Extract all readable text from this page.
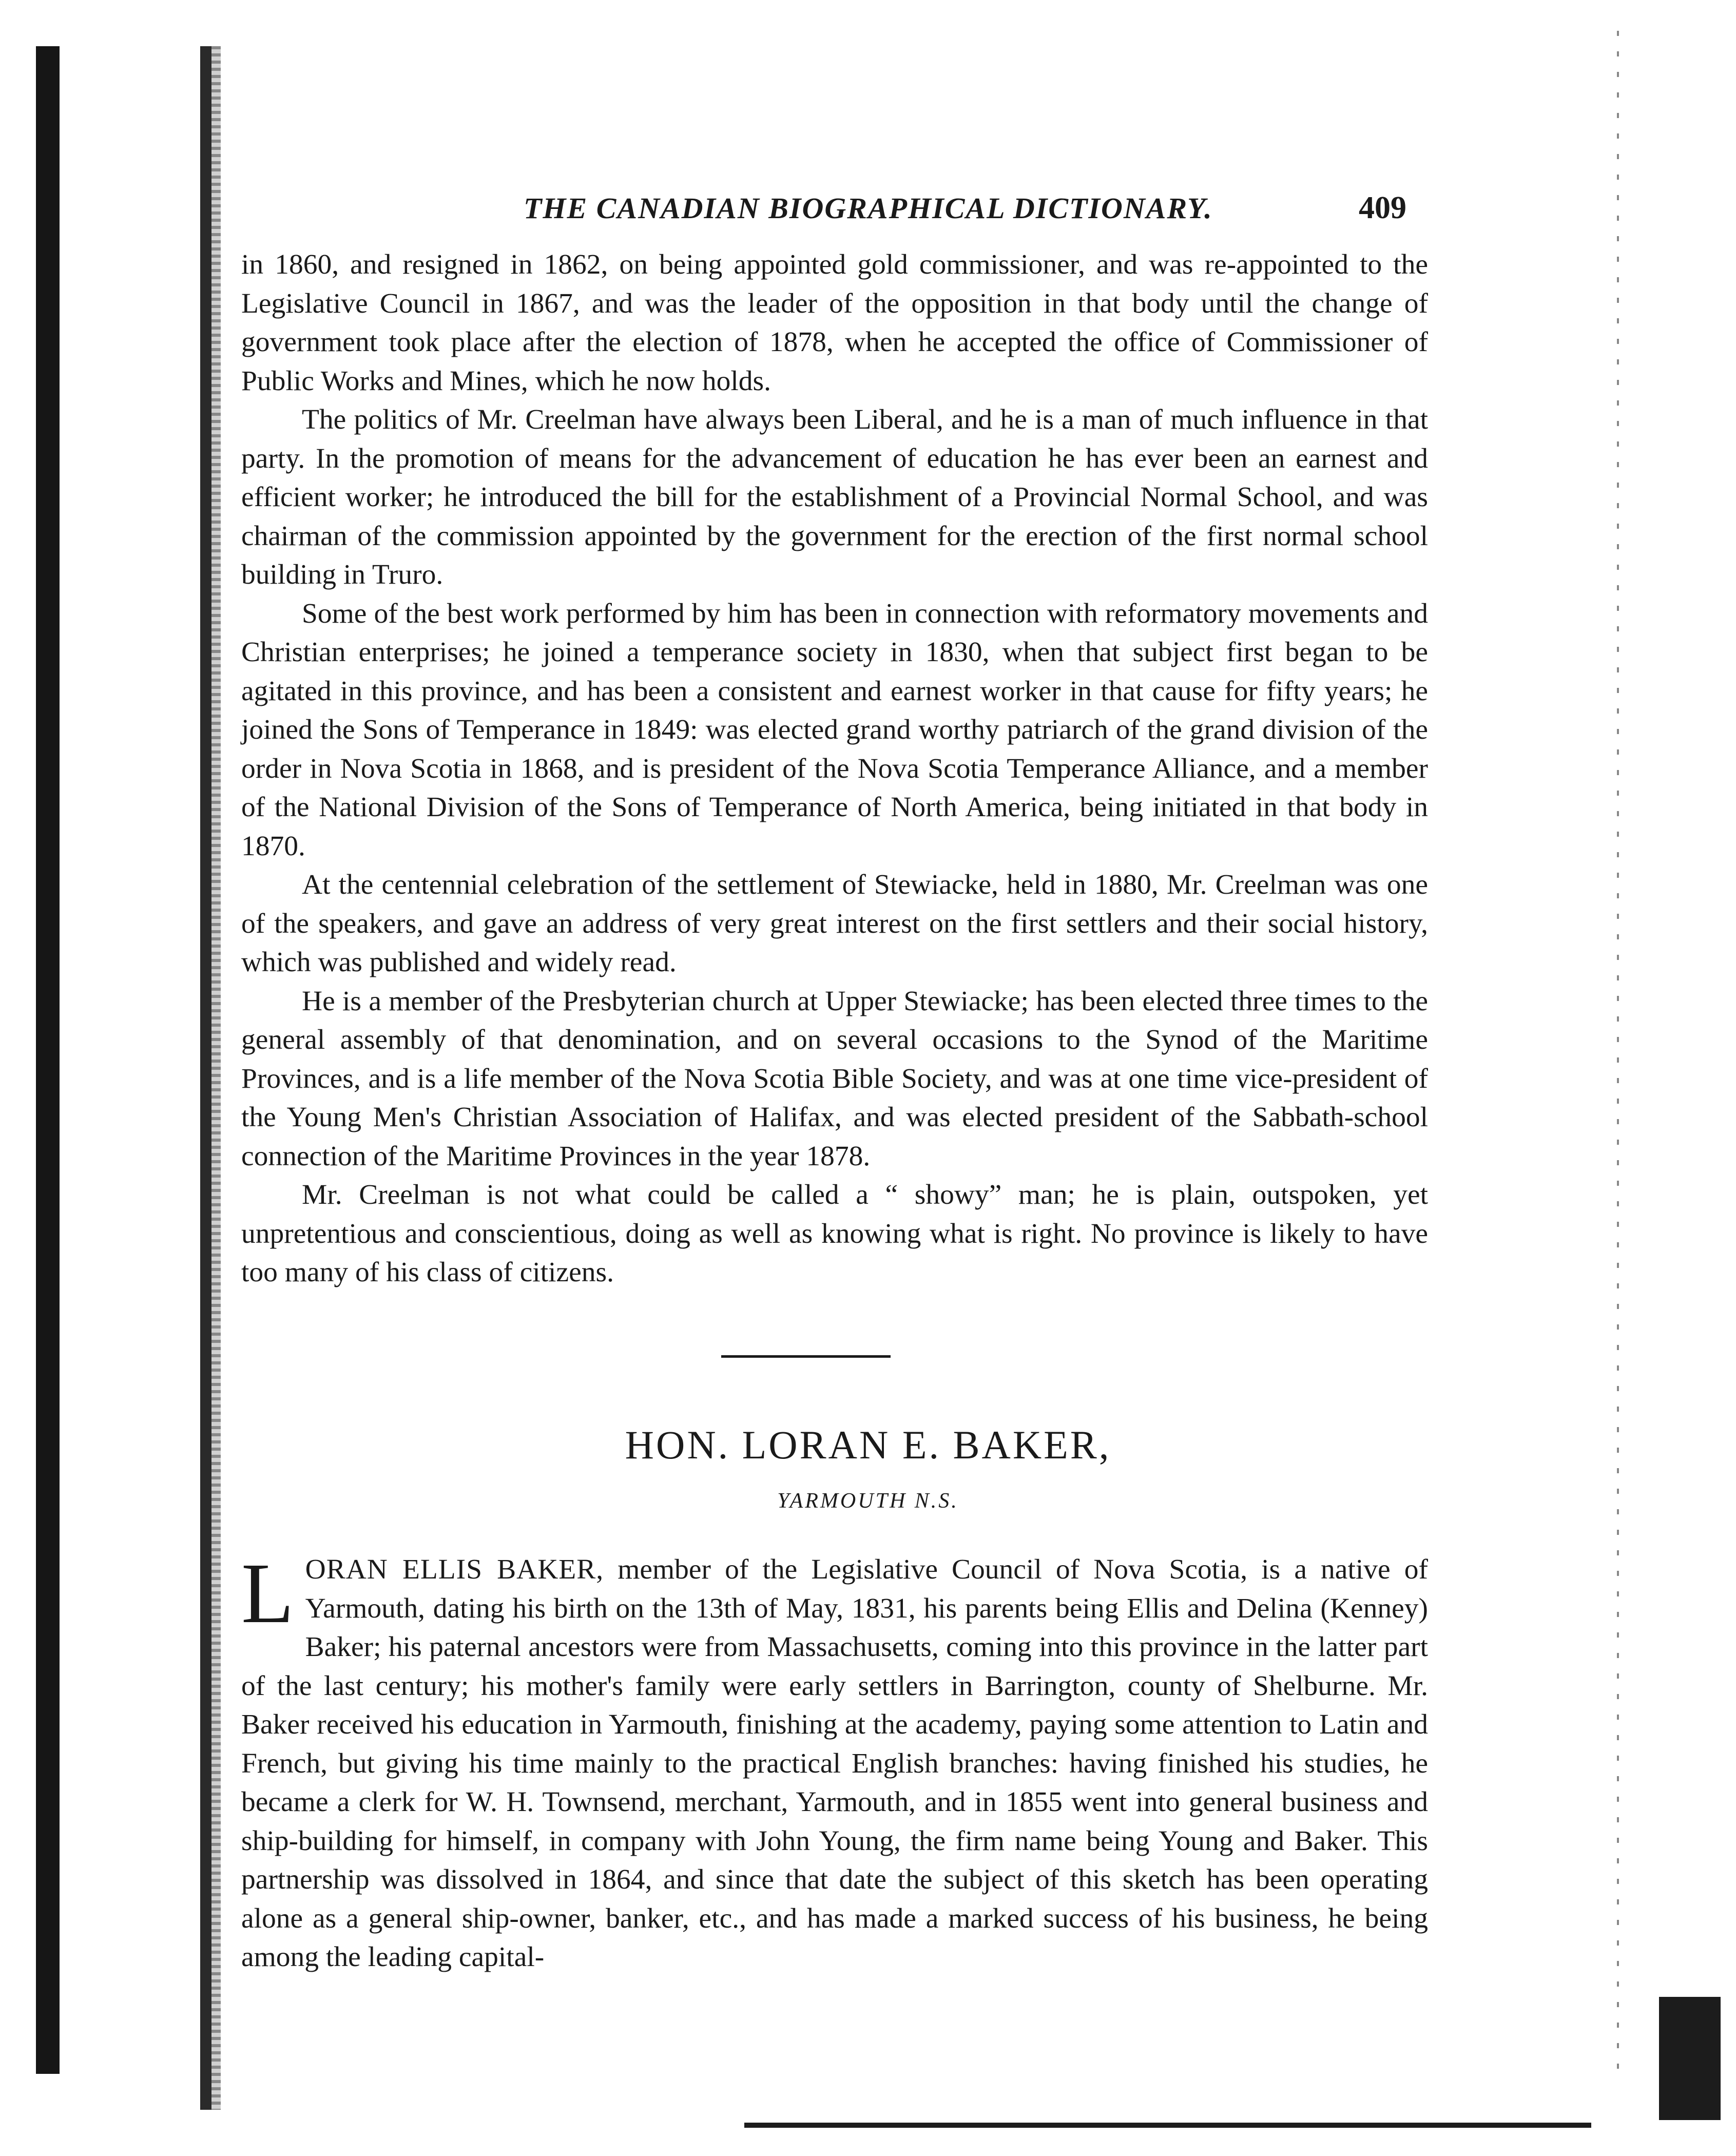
THE CANADIAN BIOGRAPHICAL DICTIONARY.	409

in 1860, and resigned in 1862, on being appointed gold commissioner, and was re-appointed to the Legislative Council in 1867, and was the leader of the opposition in that body until the change of government took place after the election of 1878, when he accepted the office of Commissioner of Public Works and Mines, which he now holds.

The politics of Mr. Creelman have always been Liberal, and he is a man of much influence in that party. In the promotion of means for the advancement of education he has ever been an earnest and efficient worker; he introduced the bill for the establishment of a Provincial Normal School, and was chairman of the commission appointed by the government for the erection of the first normal school building in Truro.

Some of the best work performed by him has been in connection with reformatory movements and Christian enterprises; he joined a temperance society in 1830, when that subject first began to be agitated in this province, and has been a consistent and earnest worker in that cause for fifty years; he joined the Sons of Temperance in 1849: was elected grand worthy patriarch of the grand division of the order in Nova Scotia in 1868, and is president of the Nova Scotia Temperance Alliance, and a member of the National Division of the Sons of Temperance of North America, being initiated in that body in 1870.

At the centennial celebration of the settlement of Stewiacke, held in 1880, Mr. Creelman was one of the speakers, and gave an address of very great interest on the first settlers and their social history, which was published and widely read.

He is a member of the Presbyterian church at Upper Stewiacke; has been elected three times to the general assembly of that denomination, and on several occasions to the Synod of the Maritime Provinces, and is a life member of the Nova Scotia Bible Society, and was at one time vice-president of the Young Men's Christian Association of Halifax, and was elected president of the Sabbath-school connection of the Maritime Provinces in the year 1878.

Mr. Creelman is not what could be called a “ showy” man; he is plain, outspoken, yet unpretentious and conscientious, doing as well as knowing what is right. No province is likely to have too many of his class of citizens.

HON. LORAN E. BAKER,
YARMOUTH N.S.

LORAN ELLIS BAKER, member of the Legislative Council of Nova Scotia, is a native of Yarmouth, dating his birth on the 13th of May, 1831, his parents being Ellis and Delina (Kenney) Baker; his paternal ancestors were from Massachusetts, coming into this province in the latter part of the last century; his mother's family were early settlers in Barrington, county of Shelburne. Mr. Baker received his education in Yarmouth, finishing at the academy, paying some attention to Latin and French, but giving his time mainly to the practical English branches: having finished his studies, he became a clerk for W. H. Townsend, merchant, Yarmouth, and in 1855 went into general business and ship-building for himself, in company with John Young, the firm name being Young and Baker. This partnership was dissolved in 1864, and since that date the subject of this sketch has been operating alone as a general ship-owner, banker, etc., and has made a marked success of his business, he being among the leading capital-
